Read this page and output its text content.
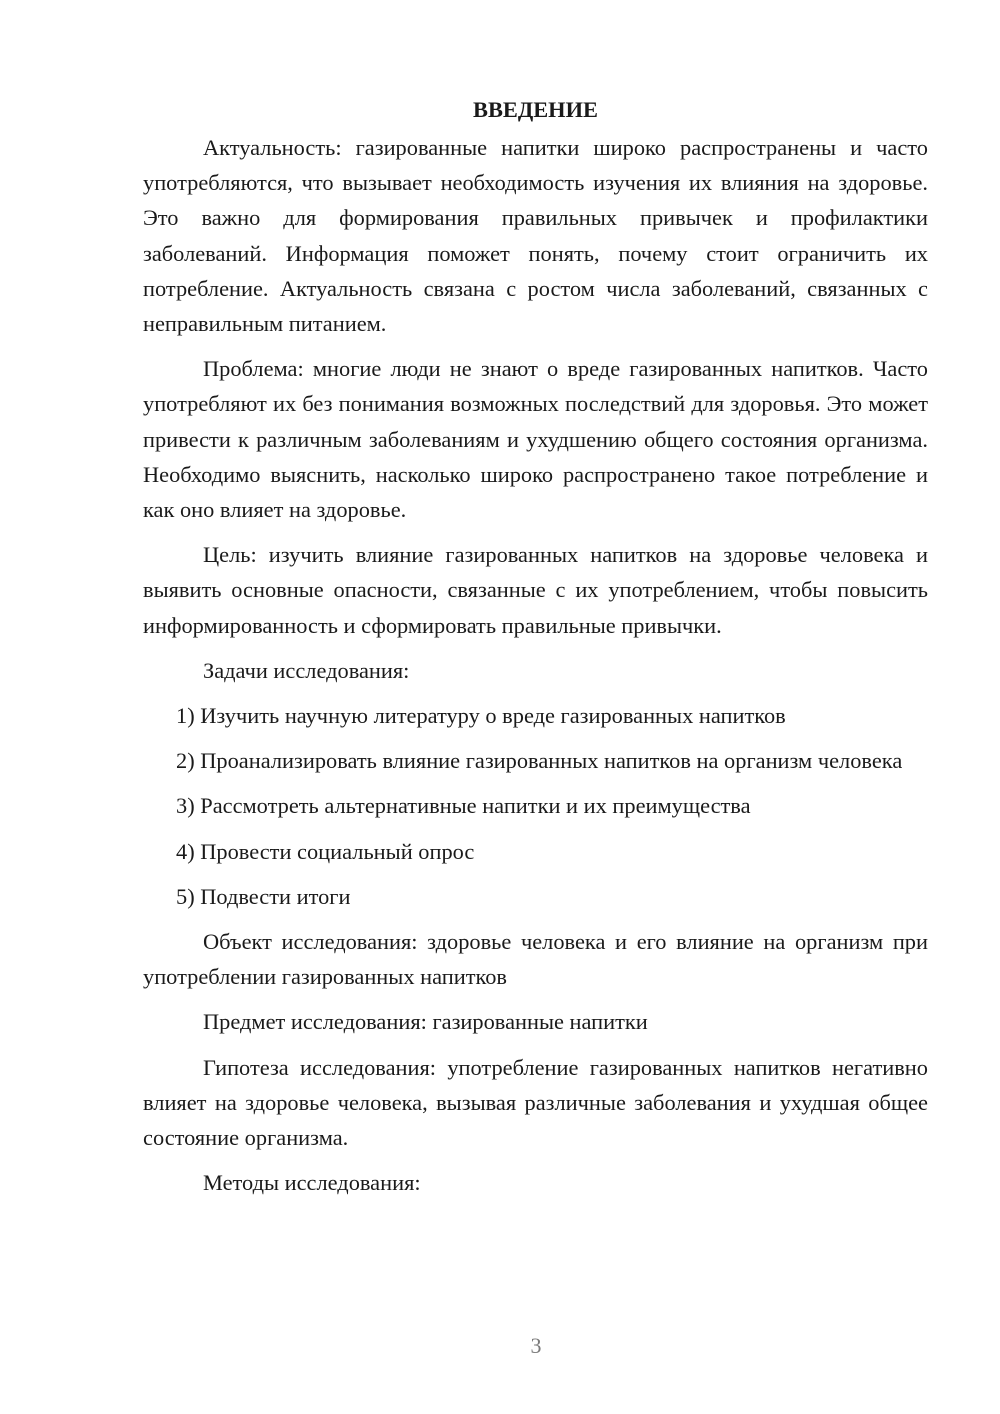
ВВЕДЕНИЕ

Актуальность: газированные напитки широко распространены и часто употребляются, что вызывает необходимость изучения их влияния на здоровье. Это важно для формирования правильных привычек и профилактики заболеваний. Информация поможет понять, почему стоит ограничить их потребление. Актуальность связана с ростом числа заболеваний, связанных с неправильным питанием.

Проблема: многие люди не знают о вреде газированных напитков. Часто употребляют их без понимания возможных последствий для здоровья. Это может привести к различным заболеваниям и ухудшению общего состояния организма. Необходимо выяснить, насколько широко распространено такое потребление и как оно влияет на здоровье.

Цель: изучить влияние газированных напитков на здоровье человека и выявить основные опасности, связанные с их употреблением, чтобы повысить информированность и сформировать правильные привычки.

Задачи исследования:

1) Изучить научную литературу о вреде газированных напитков

2) Проанализировать влияние газированных напитков на организм человека

3) Рассмотреть альтернативные напитки и их преимущества

4) Провести социальный опрос

5) Подвести итоги

Объект исследования: здоровье человека и его влияние на организм при употреблении газированных напитков

Предмет исследования: газированные напитки

Гипотеза исследования: употребление газированных напитков негативно влияет на здоровье человека, вызывая различные заболевания и ухудшая общее состояние организма.

Методы исследования:

3
